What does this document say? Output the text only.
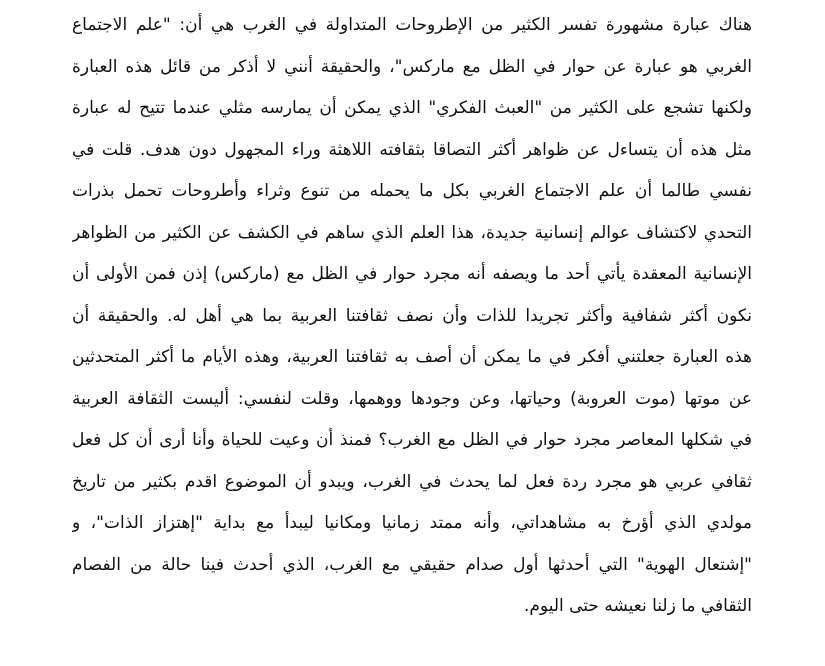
هناك عبارة مشهورة تفسر الكثير من الإطروحات المتداولة في الغرب هي أن: "علم الاجتماع
الغربي هو عبارة عن حوار في الظل مع ماركس"، والحقيقة أنني لا أذكر من قائل هذه العبارة
ولكنها تشجع على الكثير من "العبث الفكري" الذي يمكن أن يمارسه مثلي عندما تتيح له عبارة
مثل هذه أن يتساءل عن ظواهر أكثر التصاقا بثقافته اللاهثة وراء المجهول دون هدف. قلت في
نفسي طالما أن علم الاجتماع الغربي بكل ما يحمله من تنوع وثراء وأطروحات تحمل بذرات
التحدي لاكتشاف عوالم إنسانية جديدة، هذا العلم الذي ساهم في الكشف عن الكثير من الظواهر
الإنسانية المعقدة يأتي أحد ما ويصفه أنه مجرد حوار في الظل مع (ماركس) إذن فمن الأولى أن
نكون أكثر شفافية وأكثر تجريدا للذات وأن نصف ثقافتنا العربية بما هي أهل له. والحقيقة أن
هذه العبارة جعلتني أفكر في ما يمكن أن أصف به ثقافتنا العربية، وهذه الأيام ما أكثر المتحدثين
عن موتها (موت العروبة) وحياتها، وعن وجودها ووهمها، وقلت لنفسي: أليست الثقافة العربية
في شكلها المعاصر مجرد حوار في الظل مع الغرب؟ فمنذ أن وعيت للحياة وأنا أرى أن كل فعل
ثقافي عربي هو مجرد ردة فعل لما يحدث في الغرب، ويبدو أن الموضوع اقدم بكثير من تاريخ
مولدي الذي أؤرخ به مشاهداتي، وأنه ممتد زمانيا ومكانيا ليبدأ مع بداية "إهتزاز الذات"، و
"إشتعال الهوية" التي أحدثها أول صدام حقيقي مع الغرب، الذي أحدث فينا حالة من الفصام
الثقافي ما زلنا نعيشه حتى اليوم.
